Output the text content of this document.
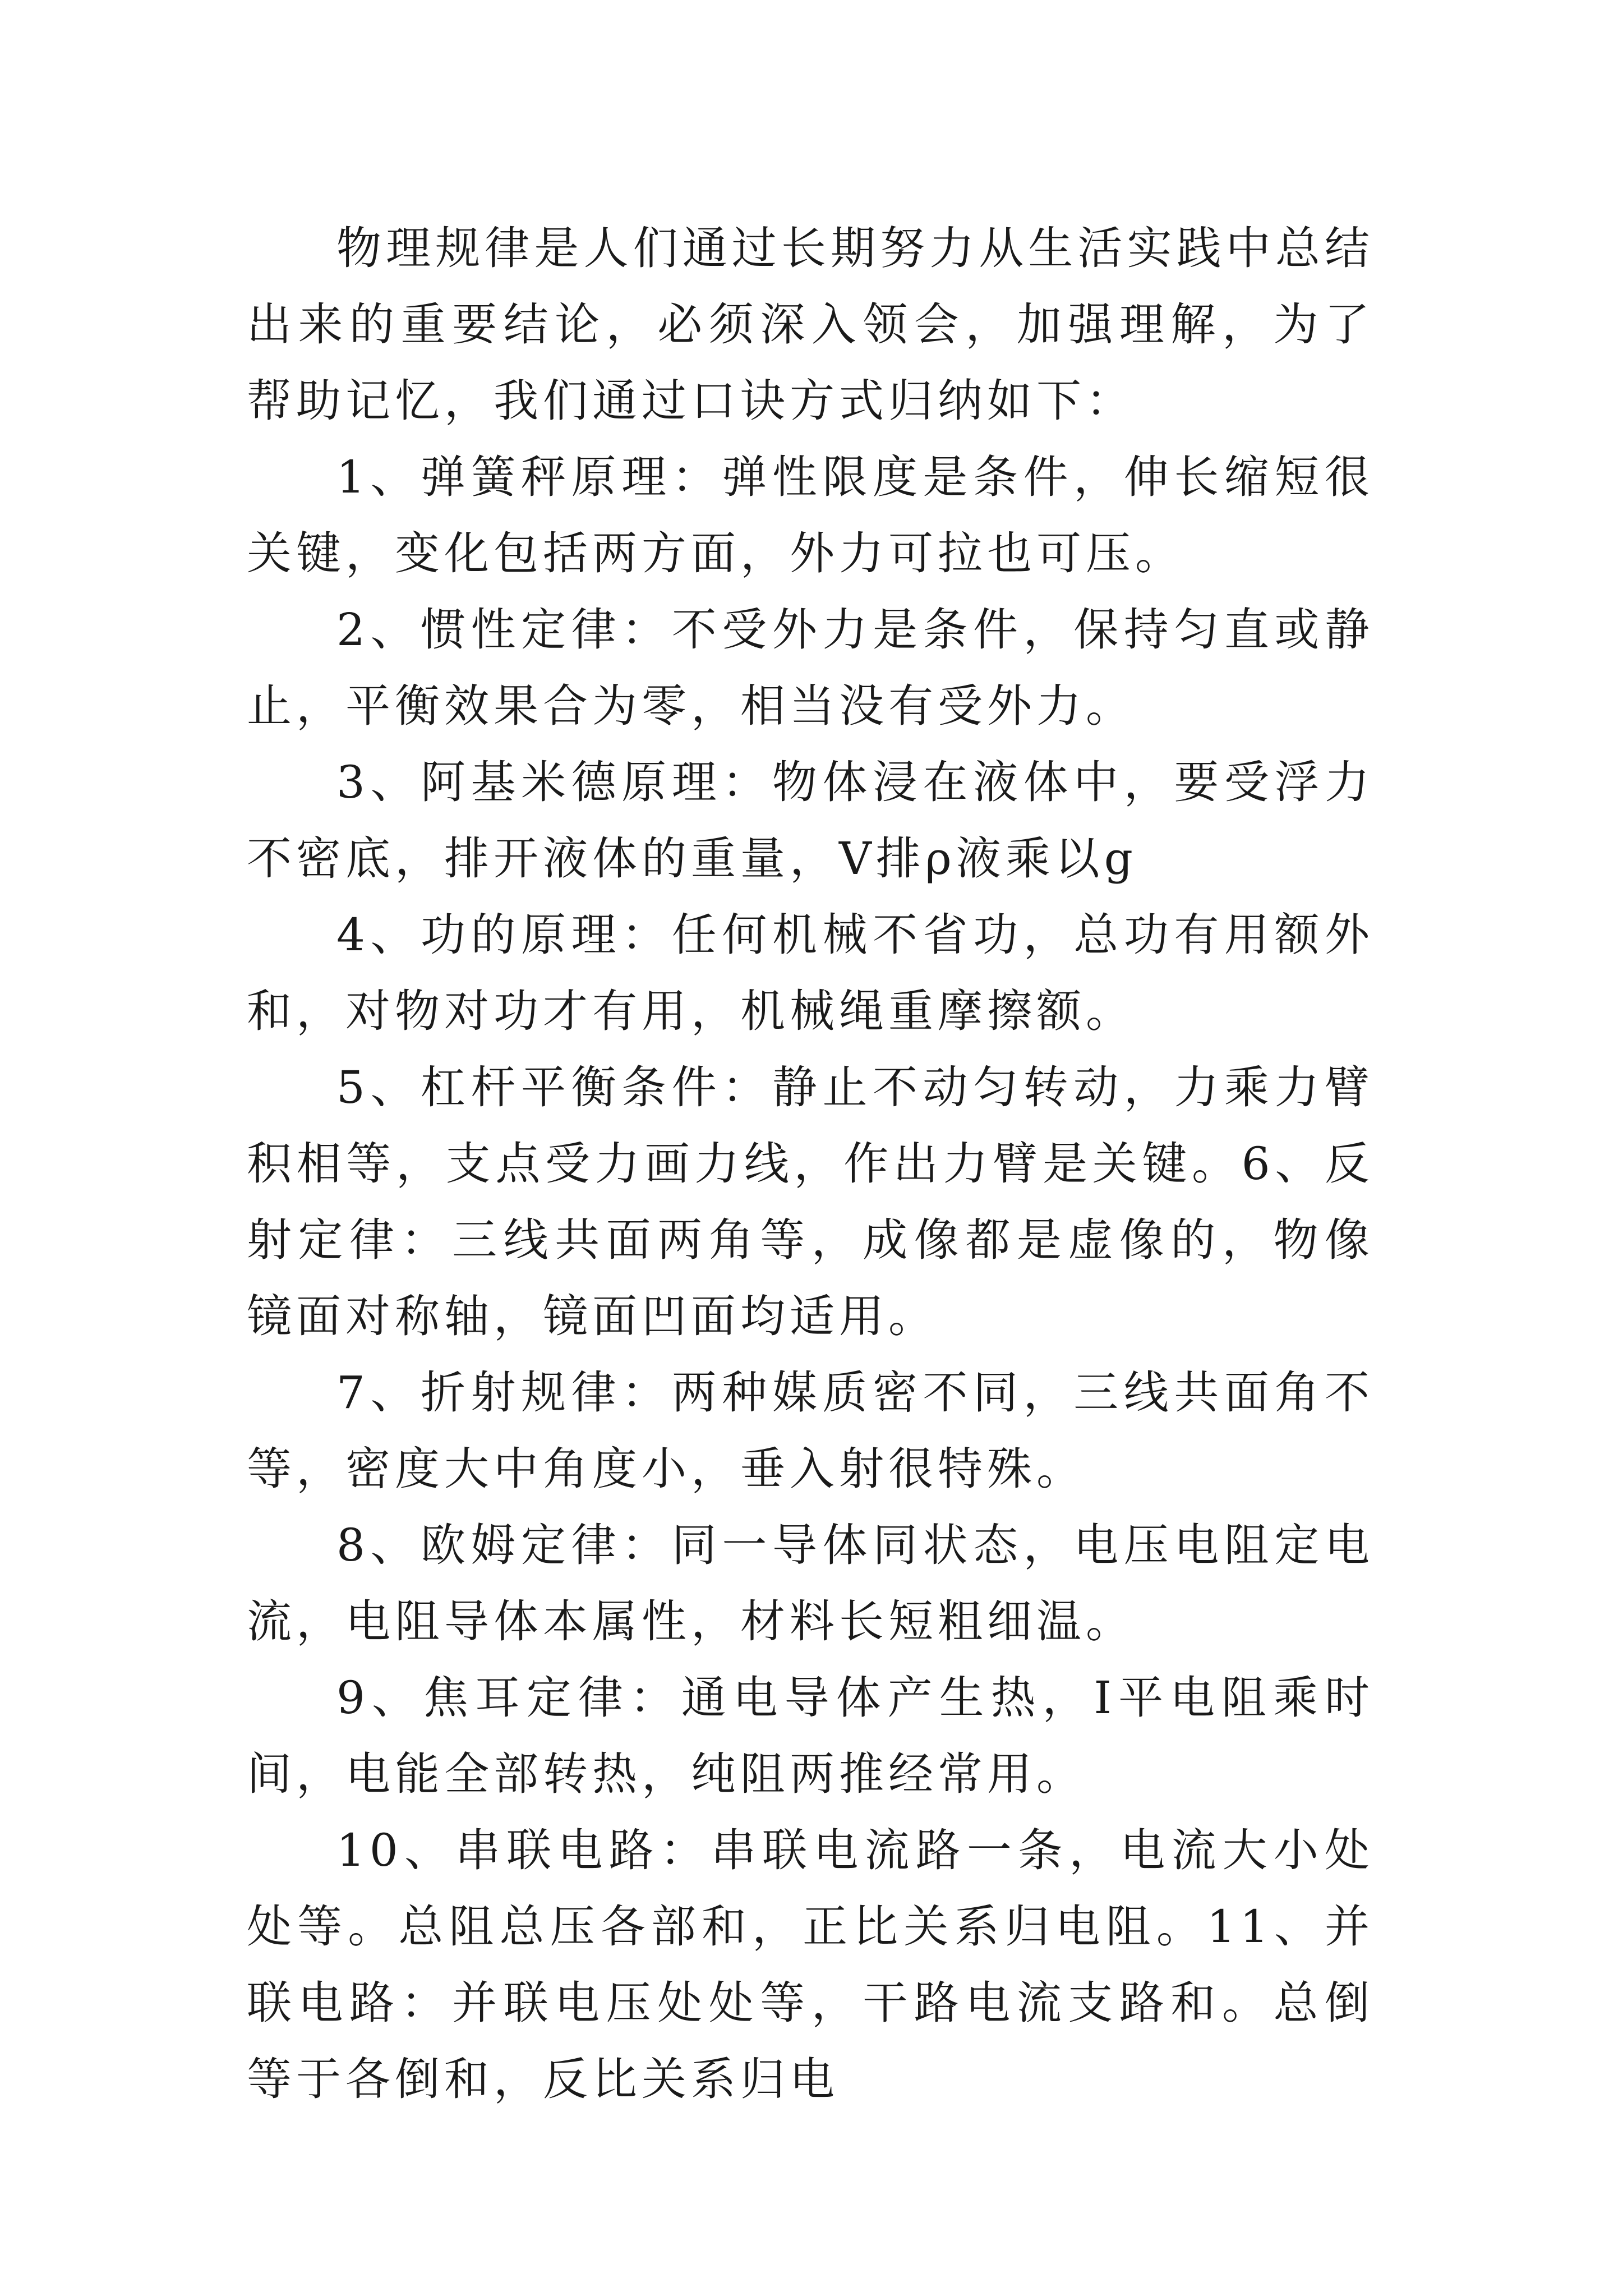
物理规律是人们通过长期努力从生活实践中总结出来的重要结论，必须深入领会，加强理解，为了帮助记忆，我们通过口诀方式归纳如下：

1、弹簧秤原理：弹性限度是条件，伸长缩短很关键，变化包括两方面，外力可拉也可压。

2、惯性定律：不受外力是条件，保持匀直或静止，平衡效果合为零，相当没有受外力。

3、阿基米德原理：物体浸在液体中，要受浮力不密底，排开液体的重量，V排ρ液乘以g

4、功的原理：任何机械不省功，总功有用额外和，对物对功才有用，机械绳重摩擦额。

5、杠杆平衡条件：静止不动匀转动，力乘力臂积相等，支点受力画力线，作出力臂是关键。6、反射定律：三线共面两角等，成像都是虚像的，物像镜面对称轴，镜面凹面均适用。

7、折射规律：两种媒质密不同，三线共面角不等，密度大中角度小，垂入射很特殊。

8、欧姆定律：同一导体同状态，电压电阻定电流，电阻导体本属性，材料长短粗细温。

9、焦耳定律：通电导体产生热，I平电阻乘时间，电能全部转热，纯阻两推经常用。

10、串联电路：串联电流路一条，电流大小处处等。总阻总压各部和，正比关系归电阻。11、并联电路：并联电压处处等，干路电流支路和。总倒等于各倒和，反比关系归电
